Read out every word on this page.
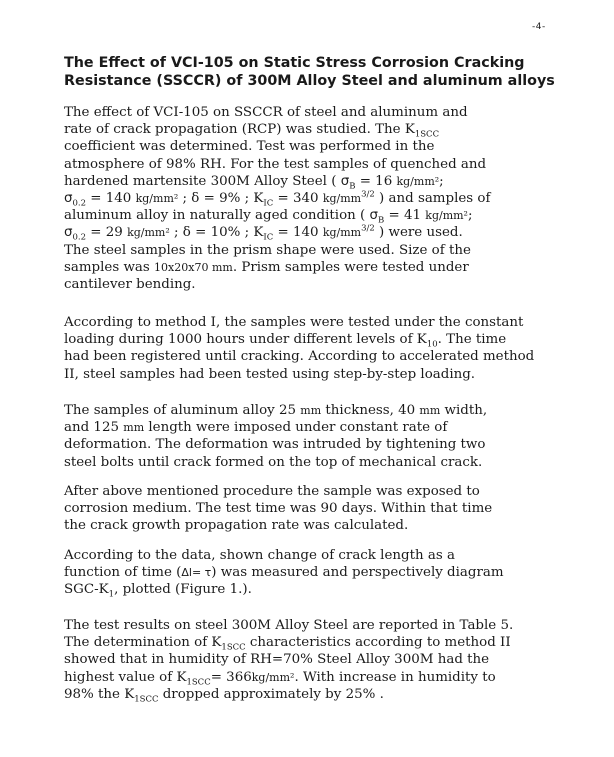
-4-
The Effect of VCI-105 on Static Stress Corrosion Cracking
Resistance (SSCCR) of 300M Alloy Steel and aluminum alloys
The effect of VCI-105 on SSCCR of steel and aluminum and
rate of crack propagation (RCP) was studied. The $K_{1SCC}$
coefficient was determined. Test was performed in the
atmosphere of 98% RH. For the test samples of quenched and
hardened martensite 300M Alloy Steel ( $\sigma_B = 16$ kg/mm²;
$\sigma_{0.2} = 140$ kg/mm² ; δ = 9% ; $K_{IC} = 340$ $kg/mm^{3/2}$ ) and samples of
aluminum alloy in naturally aged condition ( $\sigma_B = 41$ kg/mm²;
$\sigma_{0.2} = 29$ kg/mm² ; δ = 10% ; $K_{IC} = 140$ $kg/mm^{3/2}$ ) were used.
The steel samples in the prism shape were used. Size of the
samples was 10x20x70 mm. Prism samples were tested under
cantilever bending.
According to method I, the samples were tested under the constant
loading during 1000 hours under different levels of $K_{10}$. The time
had been registered until cracking. According to accelerated method
II, steel samples had been tested using step-by-step loading.
The samples of aluminum alloy 25 mm thickness, 40 mm width,
and 125 mm length were imposed under constant rate of
deformation. The deformation was intruded by tightening two
steel bolts until crack formed on the top of mechanical crack.
After above mentioned procedure the sample was exposed to
corrosion medium. The test time was 90 days. Within that time
the crack growth propagation rate was calculated.
According to the data, shown change of crack length as a
function of time (Δl= τ) was measured and perspectively diagram
SGC-$K_1$, plotted (Figure 1.).
The test results on steel 300M Alloy Steel are reported in Table 5.
The determination of $K_{1SCC}$ characteristics according to method II
showed that in humidity of RH=70% Steel Alloy 300M had the
highest value of $K_{1SCC}= 366kg/mm^2$. With increase in humidity to
98% the $K_{1SCC}$ dropped approximately by 25% .
